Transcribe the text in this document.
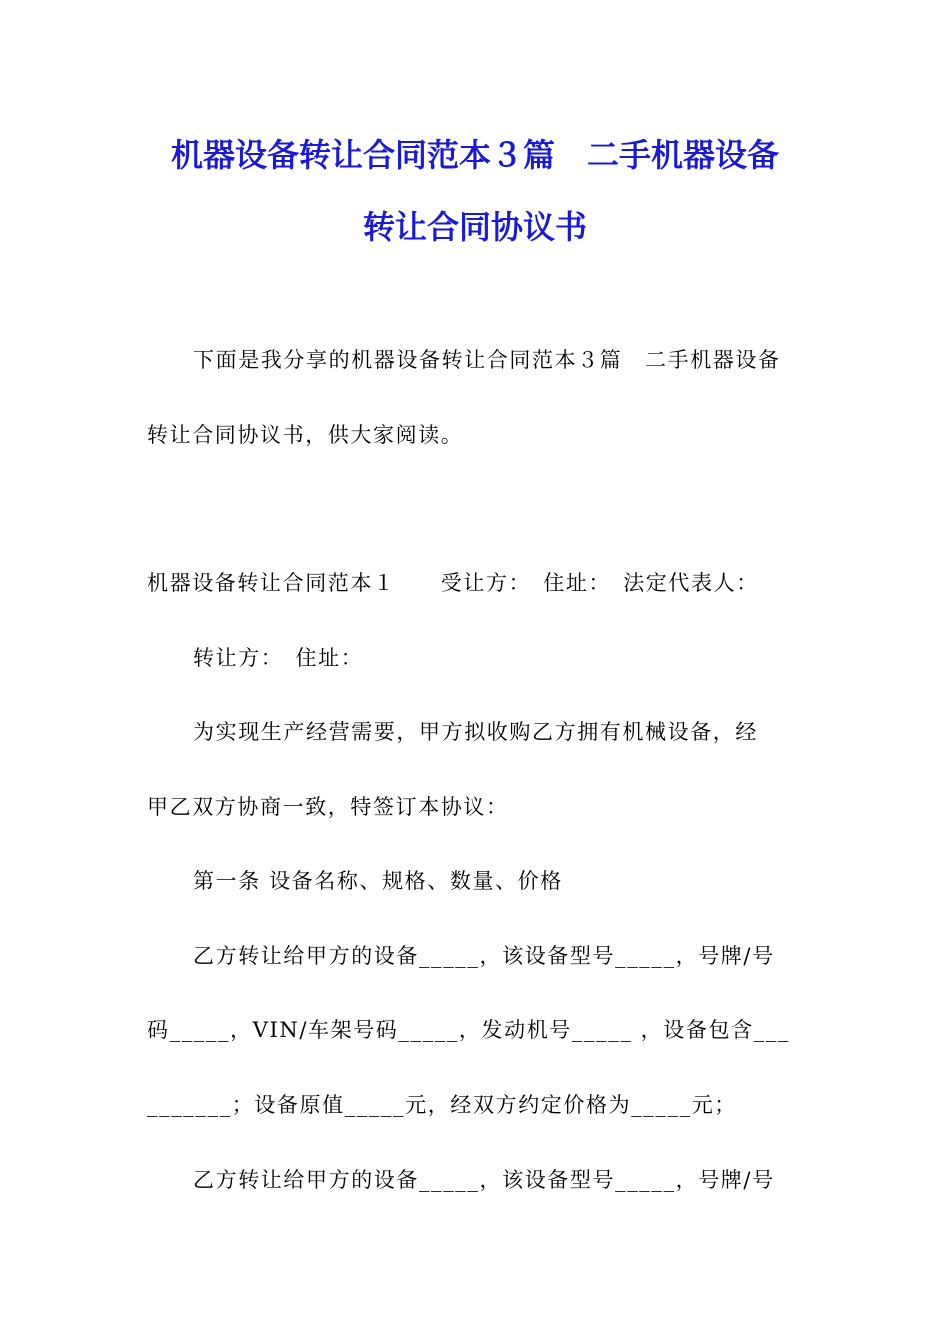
机器设备转让合同范本３篇　二手机器设备
转让合同协议书
下面是我分享的机器设备转让合同范本３篇　二手机器设备
转让合同协议书，供大家阅读。
机器设备转让合同范本１　　受让方：　住址：　法定代表人：
转让方：　住址：
为实现生产经营需要，甲方拟收购乙方拥有机械设备，经
甲乙双方协商一致，特签订本协议：
第一条 设备名称、规格、数量、价格
乙方转让给甲方的设备_____，该设备型号_____，号牌/号
码_____，VIN/车架号码_____，发动机号_____ ，设备包含___
_______；设备原值_____元，经双方约定价格为_____元；
乙方转让给甲方的设备_____，该设备型号_____，号牌/号
